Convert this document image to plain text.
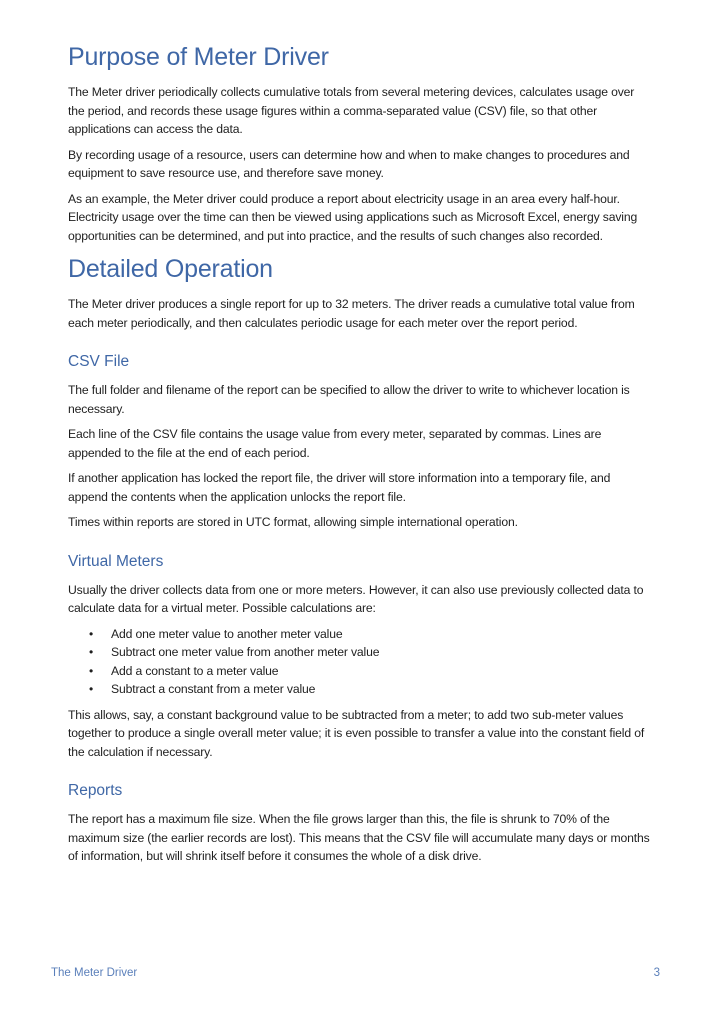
Purpose of Meter Driver

The Meter driver periodically collects cumulative totals from several metering devices, calculates usage over the period, and records these usage figures within a comma-separated value (CSV) file, so that other applications can access the data.

By recording usage of a resource, users can determine how and when to make changes to procedures and equipment to save resource use, and therefore save money.

As an example, the Meter driver could produce a report about electricity usage in an area every half-hour. Electricity usage over the time can then be viewed using applications such as Microsoft Excel, energy saving opportunities can be determined, and put into practice, and the results of such changes also recorded.

Detailed Operation

The Meter driver produces a single report for up to 32 meters. The driver reads a cumulative total value from each meter periodically, and then calculates periodic usage for each meter over the report period.

CSV File

The full folder and filename of the report can be specified to allow the driver to write to whichever location is necessary.

Each line of the CSV file contains the usage value from every meter, separated by commas. Lines are appended to the file at the end of each period.

If another application has locked the report file, the driver will store information into a temporary file, and append the contents when the application unlocks the report file.

Times within reports are stored in UTC format, allowing simple international operation.

Virtual Meters

Usually the driver collects data from one or more meters. However, it can also use previously collected data to calculate data for a virtual meter. Possible calculations are:

• Add one meter value to another meter value
• Subtract one meter value from another meter value
• Add a constant to a meter value
• Subtract a constant from a meter value

This allows, say, a constant background value to be subtracted from a meter; to add two sub-meter values together to produce a single overall meter value; it is even possible to transfer a value into the constant field of the calculation if necessary.

Reports

The report has a maximum file size. When the file grows larger than this, the file is shrunk to 70% of the maximum size (the earlier records are lost). This means that the CSV file will accumulate many days or months of information, but will shrink itself before it consumes the whole of a disk drive.

The Meter Driver	3
